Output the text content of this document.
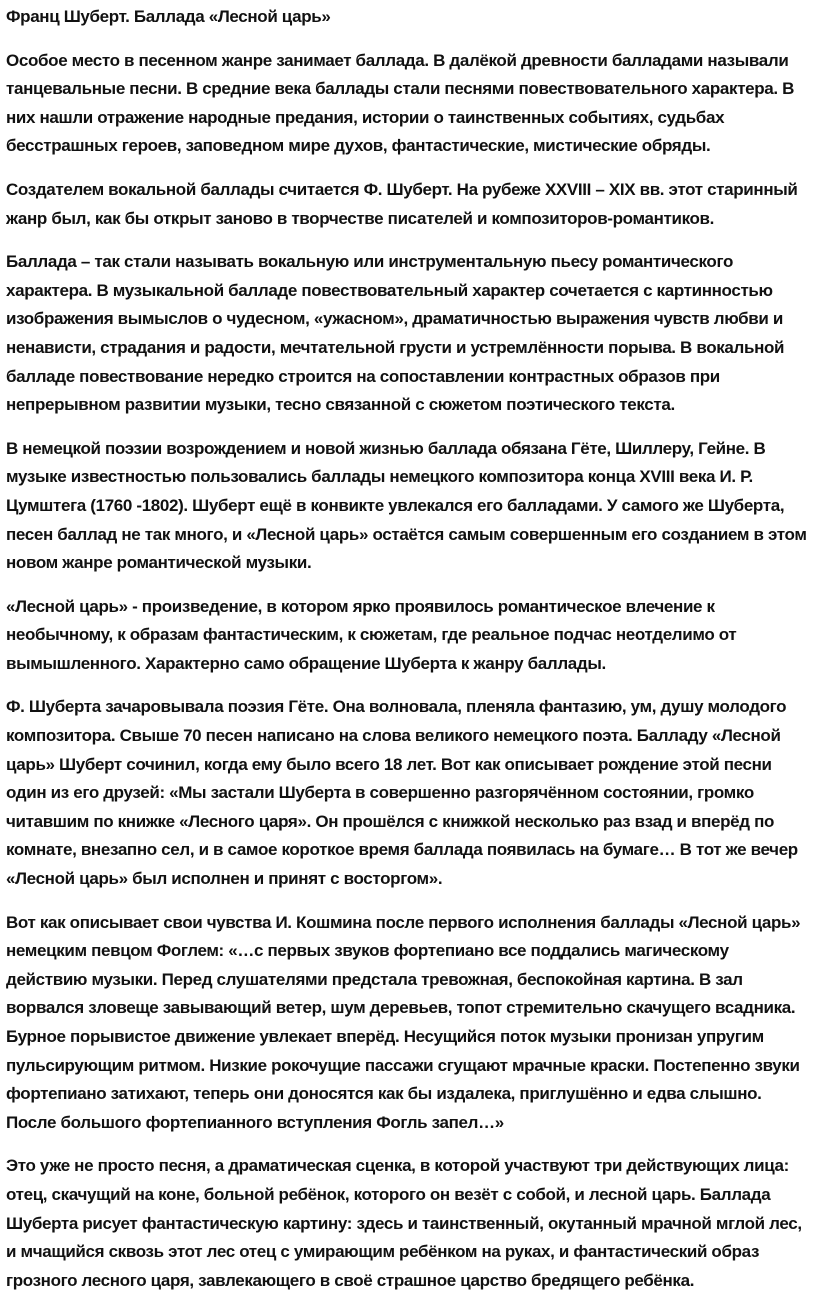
Франц Шуберт. Баллада «Лесной царь»

Особое место в песенном жанре занимает баллада. В далёкой древности балладами называли танцевальные песни. В средние века баллады стали песнями повествовательного характера. В них нашли отражение народные предания, истории о таинственных событиях, судьбах бесстрашных героев, заповедном мире духов, фантастические, мистические обряды.

Создателем вокальной баллады считается Ф. Шуберт. На рубеже XXVIII – XIX вв. этот старинный жанр был, как бы открыт заново в творчестве писателей и композиторов-романтиков.

Баллада – так стали называть вокальную или инструментальную пьесу романтического характера. В музыкальной балладе повествовательный характер сочетается с картинностью изображения вымыслов о чудесном, «ужасном», драматичностью выражения чувств любви и ненависти, страдания и радости, мечтательной грусти и устремлённости порыва. В вокальной балладе повествование нередко строится на сопоставлении контрастных образов при непрерывном развитии музыки, тесно связанной с сюжетом поэтического текста.

В немецкой поэзии возрождением и новой жизнью баллада обязана Гёте, Шиллеру, Гейне. В музыке известностью пользовались баллады немецкого композитора конца XVIII века И. Р. Цумштега (1760 -1802). Шуберт ещё в конвикте увлекался его балладами. У самого же Шуберта, песен баллад не так много, и «Лесной царь» остаётся самым совершенным его созданием в этом новом жанре романтической музыки.

«Лесной царь» - произведение, в котором ярко проявилось романтическое влечение к необычному, к образам фантастическим, к сюжетам, где реальное подчас неотделимо от вымышленного. Характерно само обращение Шуберта к жанру баллады.

Ф. Шуберта зачаровывала поэзия Гёте. Она волновала, пленяла фантазию, ум, душу молодого композитора. Свыше 70 песен написано на слова великого немецкого поэта. Балладу «Лесной царь» Шуберт сочинил, когда ему было всего 18 лет. Вот как описывает рождение этой песни один из его друзей: «Мы застали Шуберта в совершенно разгорячённом состоянии, громко читавшим по книжке «Лесного царя». Он прошёлся с книжкой несколько раз взад и вперёд по комнате, внезапно сел, и в самое короткое время баллада появилась на бумаге… В тот же вечер «Лесной царь» был исполнен и принят с восторгом».

Вот как описывает свои чувства И. Кошмина после первого исполнения баллады «Лесной царь» немецким певцом Фоглем: «…с первых звуков фортепиано все поддались магическому действию музыки. Перед слушателями предстала тревожная, беспокойная картина. В зал ворвался зловеще завывающий ветер, шум деревьев, топот стремительно скачущего всадника. Бурное порывистое движение увлекает вперёд. Несущийся поток музыки пронизан упругим пульсирующим ритмом. Низкие рокочущие пассажи сгущают мрачные краски. Постепенно звуки фортепиано затихают, теперь они доносятся как бы издалека, приглушённо и едва слышно. После большого фортепианного вступления Фогль запел…»

Это уже не просто песня, а драматическая сценка, в которой участвуют три действующих лица: отец, скачущий на коне, больной ребёнок, которого он везёт с собой, и лесной царь. Баллада Шуберта рисует фантастическую картину: здесь и таинственный, окутанный мрачной мглой лес, и мчащийся сквозь этот лес отец с умирающим ребёнком на руках, и фантастический образ грозного лесного царя, завлекающего в своё страшное царство бредящего ребёнка.
